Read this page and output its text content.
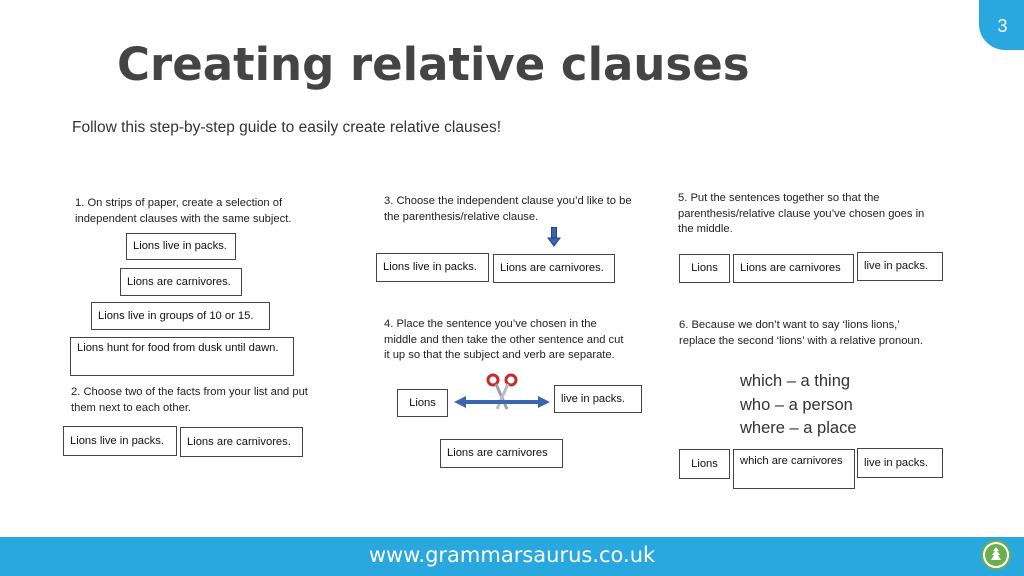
3
Creating relative clauses

Follow this step-by-step guide to easily create relative clauses!

1. On strips of paper, create a selection of independent clauses with the same subject.
Lions live in packs.
Lions are carnivores.
Lions live in groups of 10 or 15.
Lions hunt for food from dusk until dawn.
2. Choose two of the facts from your list and put them next to each other.
Lions live in packs.	Lions are carnivores.
3. Choose the independent clause you’d like to be the parenthesis/relative clause.
Lions live in packs.	Lions are carnivores.
4. Place the sentence you’ve chosen in the middle and then take the other sentence and cut it up so that the subject and verb are separate.
Lions	live in packs.
Lions are carnivores
5. Put the sentences together so that the parenthesis/relative clause you’ve chosen goes in the middle.
Lions	Lions are carnivores	live in packs.
6. Because we don’t want to say ‘lions lions,’ replace the second ‘lions’ with a relative pronoun.
which – a thing
who – a person
where – a place
Lions	which are carnivores	live in packs.
www.grammarsaurus.co.uk
